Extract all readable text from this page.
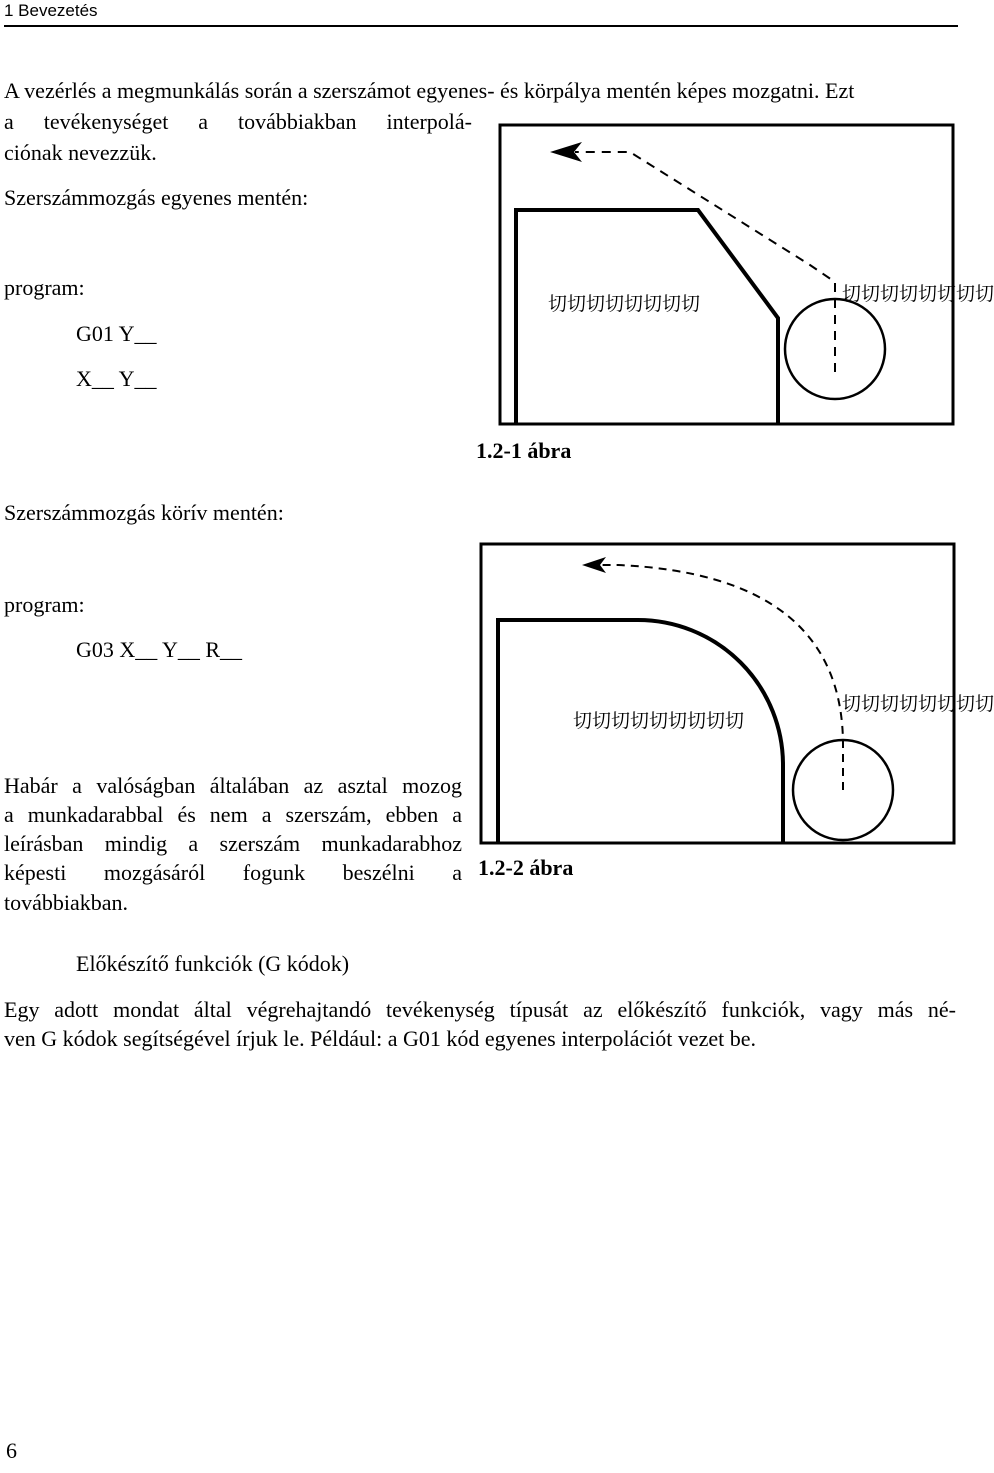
1 Bevezetés
A vezérlés a megmunkálás során a szerszámot egyenes- és körpálya mentén képes mozgatni. Ezt
a tevékenységet a továbbiakban interpolá-
ciónak nevezzük.
Szerszámmozgás egyenes mentén:
program:
G01 Y__
X__ Y__
切切切切切切切切	切切切切切切切切
1.2-1 ábra
Szerszámmozgás körív mentén:
program:
G03 X__ Y__ R__
切切切切切切切切切
切切切切切切切切
1.2-2 ábra
Habár a valóságban általában az asztal mozog
a munkadarabbal és nem a szerszám, ebben a
leírásban mindig a szerszám munkadarabhoz
képesti mozgásáról fogunk beszélni a
továbbiakban.
Előkészítő funkciók (G kódok)
Egy adott mondat által végrehajtandó tevékenység típusát az előkészítő funkciók, vagy más né-
ven G kódok segítségével írjuk le. Például: a G01 kód egyenes interpolációt vezet be.
6
